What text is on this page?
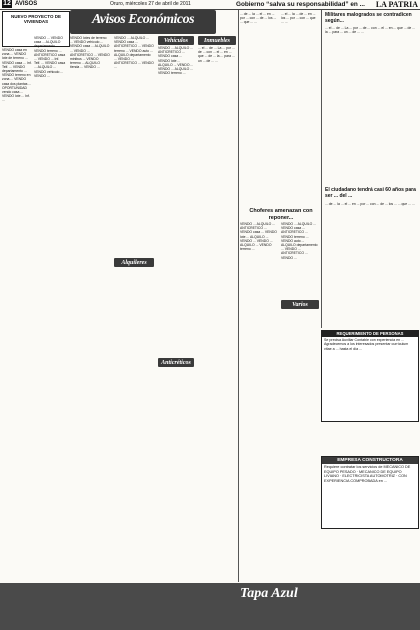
12 AVISOS	Oruro, miércoles 27 de abril de 2011	Gobierno “salva su responsabilidad” en ... LA PATRIA
Avisos Económicos
NUEVO PROYECTO DE VIVIENDAS
VENDO casa en zona ... VENDO lote de terreno ... VENDO casa ... Inf. Telf. ... VENDO departamento ... VENDO terreno en zona ... VENDO casa dos plantas ... OPORTUNIDAD vendo casa ... VENDO lote ... Inf. ...
VENDO ... VENDO casa ... ALQUILO departamento ... VENDO terreno ... ANTICRETICO casa ... VENDO ... Inf. Telf. ... VENDO casa ... ALQUILO ... VENDO vehiculo ... VENDO ...
VENDO lotes de terreno ... VENDO vehículo ... VENDO casa ... ALQUILO ... VENDO ... ANTICRETICO ... VENDO minibus ... VENDO terreno ... ALQUILO tienda ... VENDO ...
VENDO ... ALQUILO ... VENDO casa ... ANTICRETICO ... VENDO terreno ... VENDO auto ... ALQUILO departamento ... VENDO ... ANTICRETICO ... VENDO ...
VENDO ... ALQUILO ... ANTICRETICO ... VENDO casa ... VENDO lote ... ALQUILO ... VENDO ... VENDO ... ALQUILO ... VENDO terreno ...
... el ... de ... La ... por ... de ... con ... el ... en ... que ... de ... la ... para ... un ... de ... ...
... de ... la ... el ... en ... por ... con ... de ... los ... ... que ... ...
... el ... la ... de ... en ... los ... por ... con ... que ... ...
VENDO ... ALQUILO ... ANTICRETICO ... VENDO casa ... VENDO lote ... ALQUILO ... VENDO ... VENDO ... ALQUILO ... VENDO terreno ...
VENDO ... ALQUILO ... VENDO casa ... ANTICRETICO ... VENDO terreno ... VENDO auto ... ALQUILO departamento ... VENDO ... ANTICRETICO ... VENDO ...
Vehículos	Inmuebles
Alquileres
Anticréticos
Varios
Militares malogrados se contradicen según...
... el ... de ... La ... por ... de ... con ... el ... en ... que ... de ... la ... para ... un ... de ... ...
El ciudadano tendrá casi 60 años para ser ... del ...
... de ... la ... el ... en ... por ... con ... de ... los ... ... que ... ...
Choferes amenazan con reponer...
REQUERIMIENTO DE PERSONAS
Se precisa Auxiliar Contable con experiencia en ... Agradecemos a los interesados presentar currículum vitae a ... hasta el día ...
EMPRESA CONSTRUCTORA
Requiere contratar los servicios de MECANICO DE EQUIPO PESADO · MECANICO DE EQUIPO LIVIANO · ELECTRICISTA AUTOMOTRIZ · CON EXPERIENCIA COMPROBADA en ...
Tapa Azul
